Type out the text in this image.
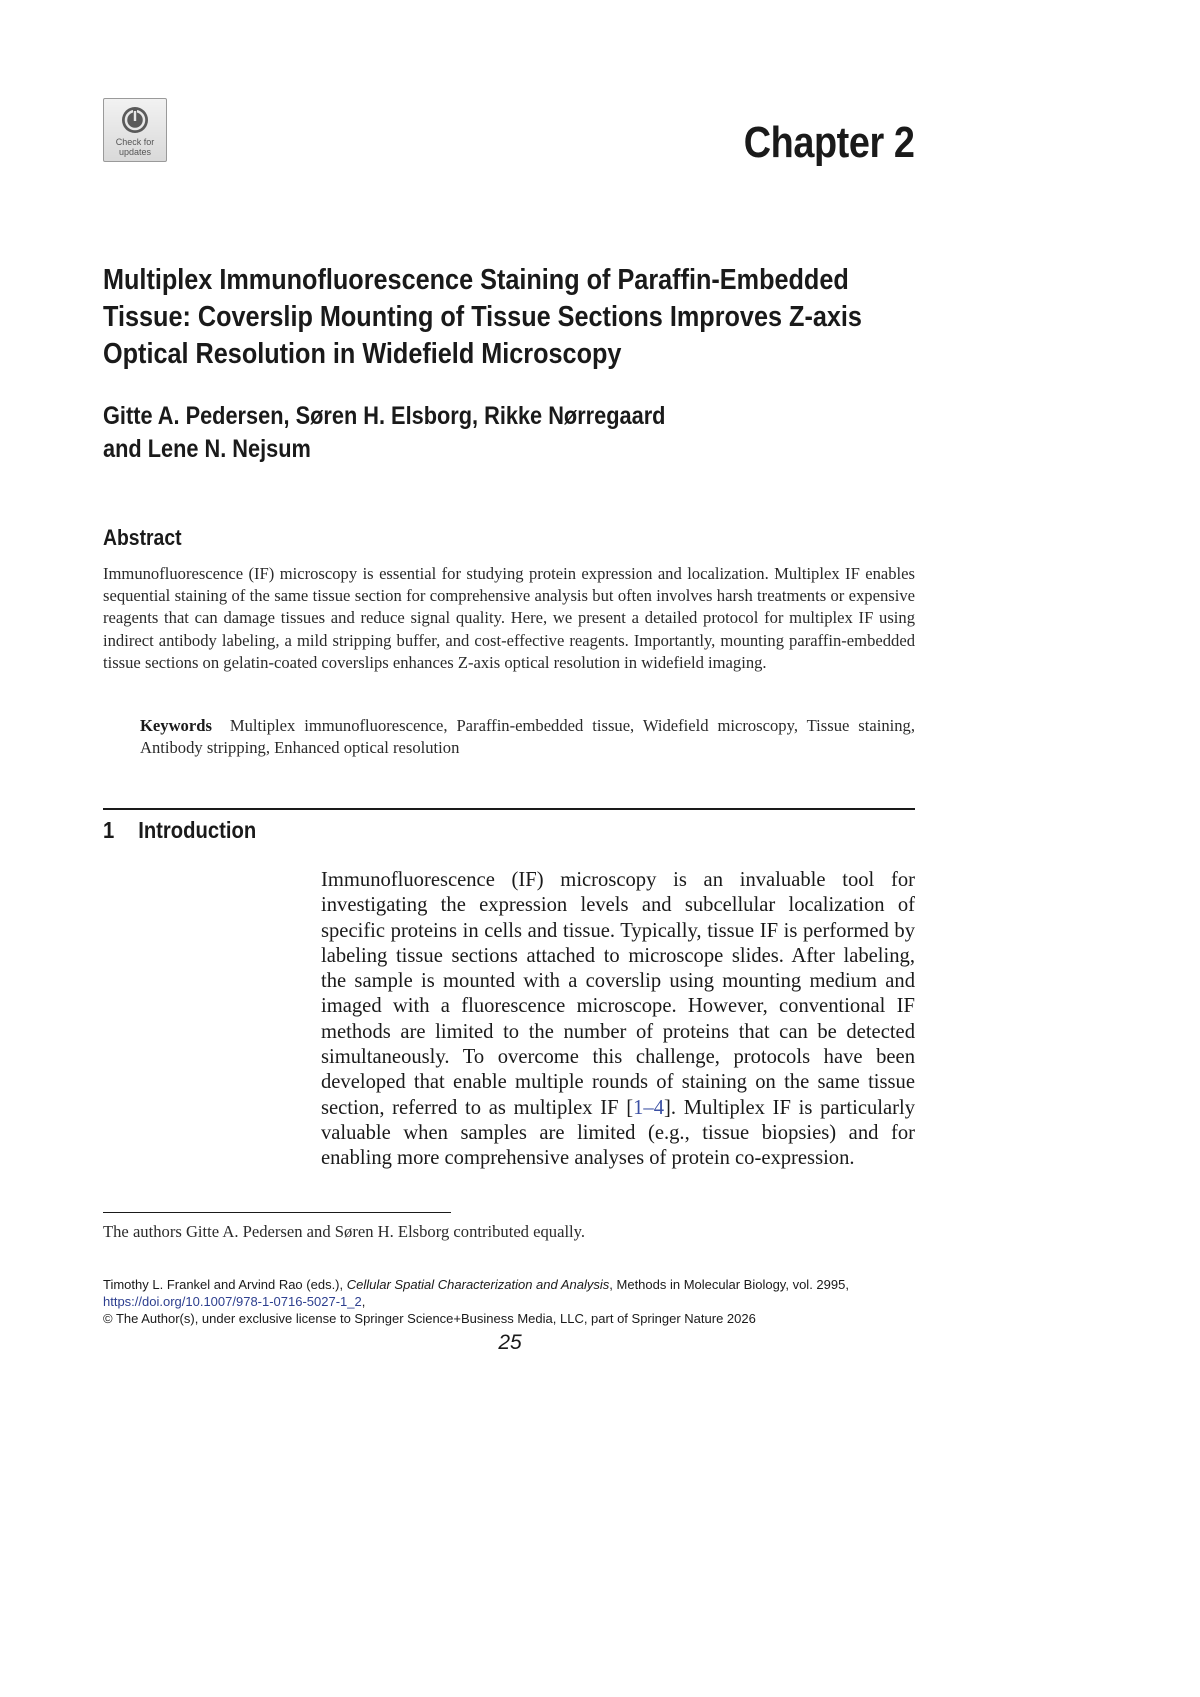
Check for
updates	Chapter 2
Multiplex Immunofluorescence Staining of Paraffin-Embedded Tissue: Coverslip Mounting of Tissue Sections Improves Z-axis Optical Resolution in Widefield Microscopy
Gitte A. Pedersen, Søren H. Elsborg, Rikke Nørregaard
and Lene N. Nejsum
Abstract

Immunofluorescence (IF) microscopy is essential for studying protein expression and localization. Multiplex IF enables sequential staining of the same tissue section for comprehensive analysis but often involves harsh treatments or expensive reagents that can damage tissues and reduce signal quality. Here, we present a detailed protocol for multiplex IF using indirect antibody labeling, a mild stripping buffer, and cost-effective reagents. Importantly, mounting paraffin-embedded tissue sections on gelatin-coated coverslips enhances Z-axis optical resolution in widefield imaging.

Keywords Multiplex immunofluorescence, Paraffin-embedded tissue, Widefield microscopy, Tissue staining, Antibody stripping, Enhanced optical resolution

1 Introduction

Immunofluorescence (IF) microscopy is an invaluable tool for investigating the expression levels and subcellular localization of specific proteins in cells and tissue. Typically, tissue IF is performed by labeling tissue sections attached to microscope slides. After labeling, the sample is mounted with a coverslip using mounting medium and imaged with a fluorescence microscope. However, conventional IF methods are limited to the number of proteins that can be detected simultaneously. To overcome this challenge, protocols have been developed that enable multiple rounds of staining on the same tissue section, referred to as multiplex IF [1–4]. Multiplex IF is particularly valuable when samples are limited (e.g., tissue biopsies) and for enabling more comprehensive analyses of protein co-expression.

The authors Gitte A. Pedersen and Søren H. Elsborg contributed equally.

Timothy L. Frankel and Arvind Rao (eds.), Cellular Spatial Characterization and Analysis, Methods in Molecular Biology, vol. 2995,
https://doi.org/10.1007/978-1-0716-5027-1_2,
© The Author(s), under exclusive license to Springer Science+Business Media, LLC, part of Springer Nature 2026
25
